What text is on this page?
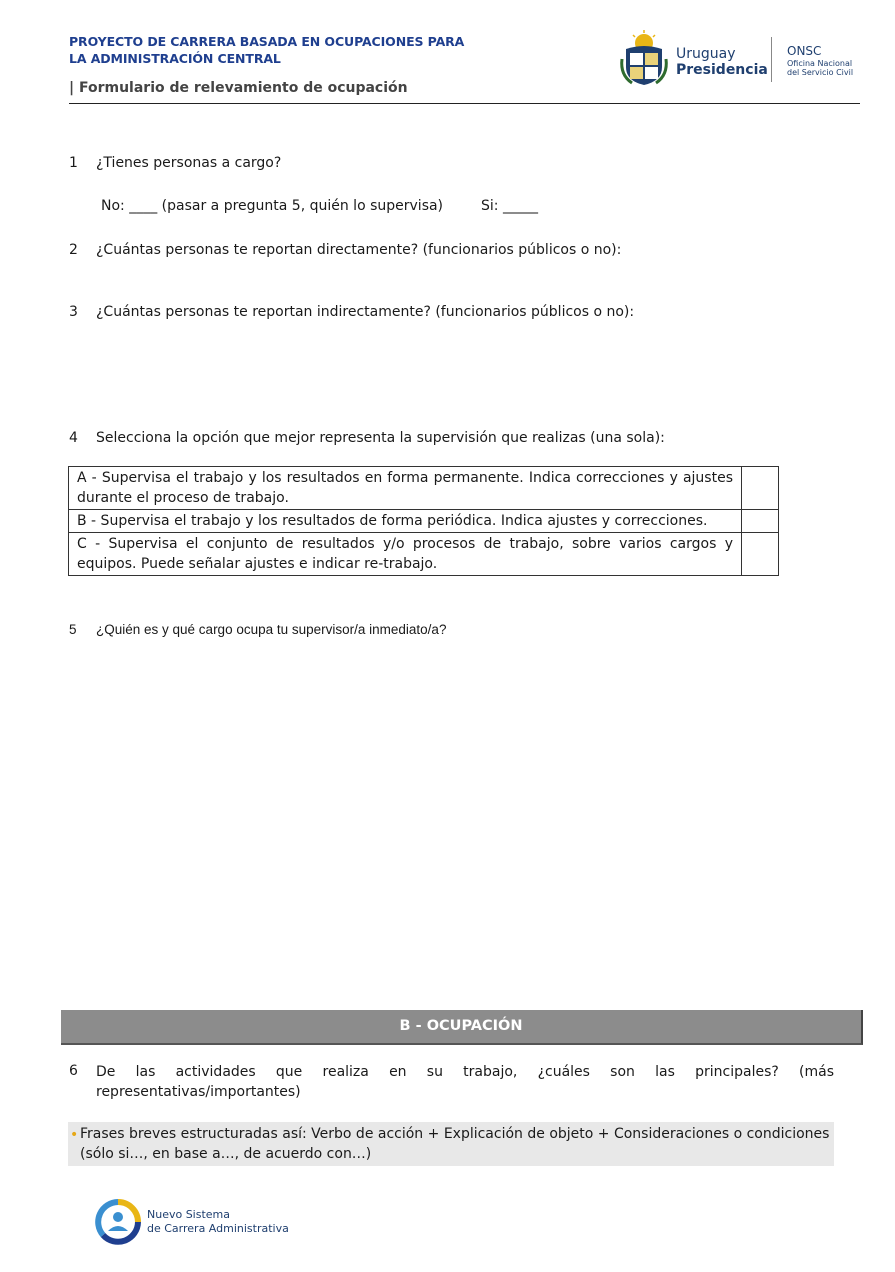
PROYECTO DE CARRERA BASADA EN OCUPACIONES PARA
LA ADMINISTRACIÓN CENTRAL
| Formulario de relevamiento de ocupación
Uruguay
Presidencia
ONSC
Oficina Nacional
del Servicio Civil
1 ¿Tienes personas a cargo?
No: ____ (pasar a pregunta 5, quién lo supervisa)	Si: _____
2 ¿Cuántas personas te reportan directamente? (funcionarios públicos o no):
3 ¿Cuántas personas te reportan indirectamente? (funcionarios públicos o no):
4 Selecciona la opción que mejor representa la supervisión que realizas (una sola):
A - Supervisa el trabajo y los resultados en forma permanente. Indica correcciones y ajustes durante el proceso de trabajo.	
B - Supervisa el trabajo y los resultados de forma periódica. Indica ajustes y correcciones.	
C - Supervisa el conjunto de resultados y/o procesos de trabajo, sobre varios cargos y equipos. Puede señalar ajustes e indicar re-trabajo.	
5 ¿Quién es y qué cargo ocupa tu supervisor/a inmediato/a?
B - OCUPACIÓN
6 De las actividades que realiza en su trabajo, ¿cuáles son las principales? (más representativas/importantes)
• Frases breves estructuradas así: Verbo de acción + Explicación de objeto + Consideraciones o condiciones (sólo si…, en base a…, de acuerdo con…)
Nuevo Sistema
de Carrera Administrativa
